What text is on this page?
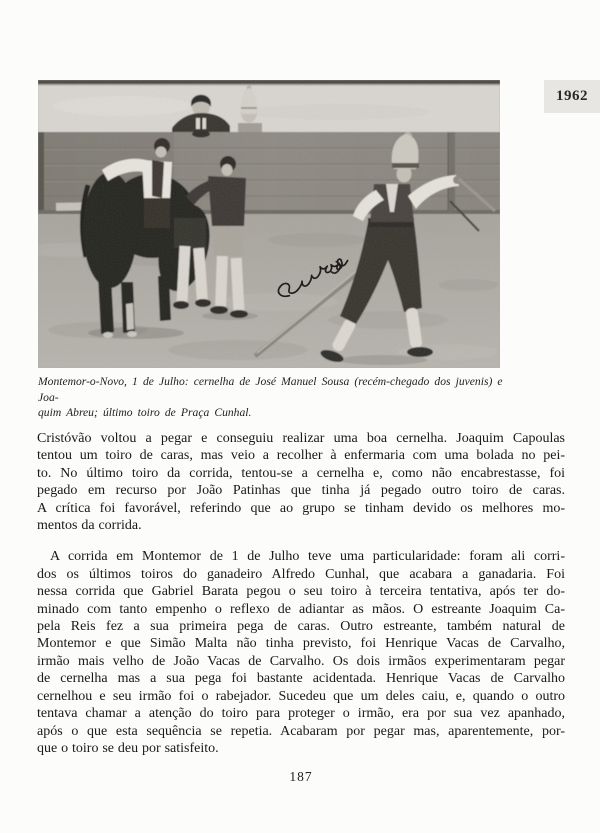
1962
Montemor-o-Novo, 1 de Julho: cernelha de José Manuel Sousa (recém-chegado dos juvenis) e Joa-
quim Abreu; último toiro de Praça Cunhal.
Cristóvão voltou a pegar e conseguiu realizar uma boa cernelha. Joaquim Capoulas
tentou um toiro de caras, mas veio a recolher à enfermaria com uma bolada no pei-
to. No último toiro da corrida, tentou-se a cernelha e, como não encabrestasse, foi
pegado em recurso por João Patinhas que tinha já pegado outro toiro de caras.
A crítica foi favorável, referindo que ao grupo se tinham devido os melhores mo-
mentos da corrida.
A corrida em Montemor de 1 de Julho teve uma particularidade: foram ali corri-
dos os últimos toiros do ganadeiro Alfredo Cunhal, que acabara a ganadaria. Foi
nessa corrida que Gabriel Barata pegou o seu toiro à terceira tentativa, após ter do-
minado com tanto empenho o reflexo de adiantar as mãos. O estreante Joaquim Ca-
pela Reis fez a sua primeira pega de caras. Outro estreante, também natural de
Montemor e que Simão Malta não tinha previsto, foi Henrique Vacas de Carvalho,
irmão mais velho de João Vacas de Carvalho. Os dois irmãos experimentaram pegar
de cernelha mas a sua pega foi bastante acidentada. Henrique Vacas de Carvalho
cernelhou e seu irmão foi o rabejador. Sucedeu que um deles caiu, e, quando o outro
tentava chamar a atenção do toiro para proteger o irmão, era por sua vez apanhado,
após o que esta sequência se repetia. Acabaram por pegar mas, aparentemente, por-
que o toiro se deu por satisfeito.
187
